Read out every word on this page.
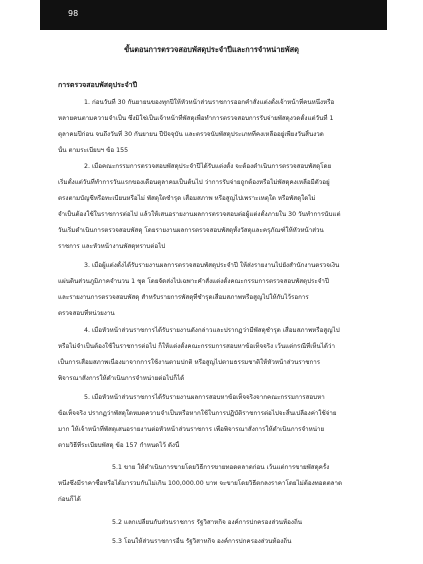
98
ขั้นตอนการตรวจสอบพัสดุประจำปีและการจำหน่ายพัสดุ
การตรวจสอบพัสดุประจำปี
1. ก่อนวันที่ 30 กันยายนของทุกปีให้หัวหน้าส่วนราชการออกคำสั่งแต่งตั้งเจ้าหน้าที่คนหนึ่งหรือ
หลายคนตามความจำเป็น ซึ่งมิใช่เป็นเจ้าหน้าที่พัสดุเพื่อทำการตรวจสอบการรับจ่ายพัสดุงวดตั้งแต่วันที่ 1
ตุลาคมปีก่อน จนถึงวันที่ 30 กันยายน ปีปัจจุบัน และตรวจนับพัสดุประเภทที่คงเหลืออยู่เพียงวันสิ้นงวด
นั้น ตามระเบียบฯ ข้อ 155
2. เมื่อคณะกรรมการตรวจสอบพัสดุประจำปีได้รับแต่งตั้ง จะต้องดำเนินการตรวจสอบพัสดุโดย
เริ่มตั้งแต่วันที่ทำการวันแรกของเดือนตุลาคมเป็นต้นไป ว่าการรับจ่ายถูกต้องหรือไม่พัสดุคงเหลือมีตัวอยู่
ตรงตามบัญชีหรือทะเบียนหรือไม่ พัสดุใดชำรุด เสื่อมสภาพ หรือสูญไปเพราะเหตุใด หรือพัสดุใดไม่
จำเป็นต้องใช้ในราชการต่อไป แล้วให้เสนอรายงานผลการตรวจสอบต่อผู้แต่งตั้งภายใน 30 วันทำการนับแต่
วันเริ่มดำเนินการตรวจสอบพัสดุ โดยรายงานผลการตรวจสอบพัสดุทั้งวัสดุและครุภัณฑ์ให้หัวหน้าส่วน
ราชการ และหัวหน้างานพัสดุทราบต่อไป
3. เมื่อผู้แต่งตั้งได้รับรายงานผลการตรวจสอบพัสดุประจำปี ให้ส่งรายงานไปยังสำนักงานตรวจเงิน
แผ่นดินส่วนภูมิภาคจำนวน 1 ชุด โดยจัดส่งไปเฉพาะคำสั่งแต่งตั้งคณะกรรมการตรวจสอบพัสดุประจำปี
และรายงานการตรวจสอบพัสดุ สำหรับรายการพัสดุที่ชำรุดเสื่อมสภาพหรือสูญไปให้กับไว้รอการ
ตรวจสอบที่หน่วยงาน
4. เมื่อหัวหน้าส่วนราชการได้รับรายงานดังกล่าวและปรากฏว่ามีพัสดุชำรุด เสื่อมสภาพหรือสูญไป
หรือไม่จำเป็นต้องใช้ในราชการต่อไป ก็ให้แต่งตั้งคณะกรรมการสอบหาข้อเท็จจริง เว้นแต่กรณีที่เห็นได้ว่า
เป็นการเสื่อมสภาพเนื่องมาจากการใช้งานตามปกติ หรือสูญไปตามธรรมชาติให้หัวหน้าส่วนราชการ
พิจารณาสั่งการให้ดำเนินการจำหน่ายต่อไปก็ได้
5. เมื่อหัวหน้าส่วนราชการได้รับรายงานผลการสอบหาข้อเท็จจริงจากคณะกรรมการสอบหา
ข้อเท็จจริง ปรากฏว่าพัสดุใดหมดความจำเป็นหรือหากใช้ในการปฏิบัติราชการต่อไปจะสิ้นเปลืองค่าใช้จ่าย
มาก ให้เจ้าหน้าที่พัสดุเสนอรายงานต่อหัวหน้าส่วนราชการ เพื่อพิจารณาสั่งการให้ดำเนินการจำหน่าย
ตามวิธีที่ระเบียบพัสดุ ข้อ 157 กำหนดไว้ ดังนี้
5.1 ขาย ให้ดำเนินการขายโดยวิธีการขายทอดตลาดก่อน เว้นแต่การขายพัสดุครั้ง
หนึ่งซึ่งมีราคาซื้อหรือได้มารวมกันไม่เกิน 100,000.00 บาท จะขายโดยวิธีตกลงราคาโดยไม่ต้องทอดตลาด
ก่อนก็ได้
5.2 แลกเปลี่ยนกับส่วนราชการ รัฐวิสาหกิจ องค์การปกครองส่วนท้องถิ่น
5.3 โอนให้ส่วนราชการอื่น รัฐวิสาหกิจ องค์การปกครองส่วนท้องถิ่น
